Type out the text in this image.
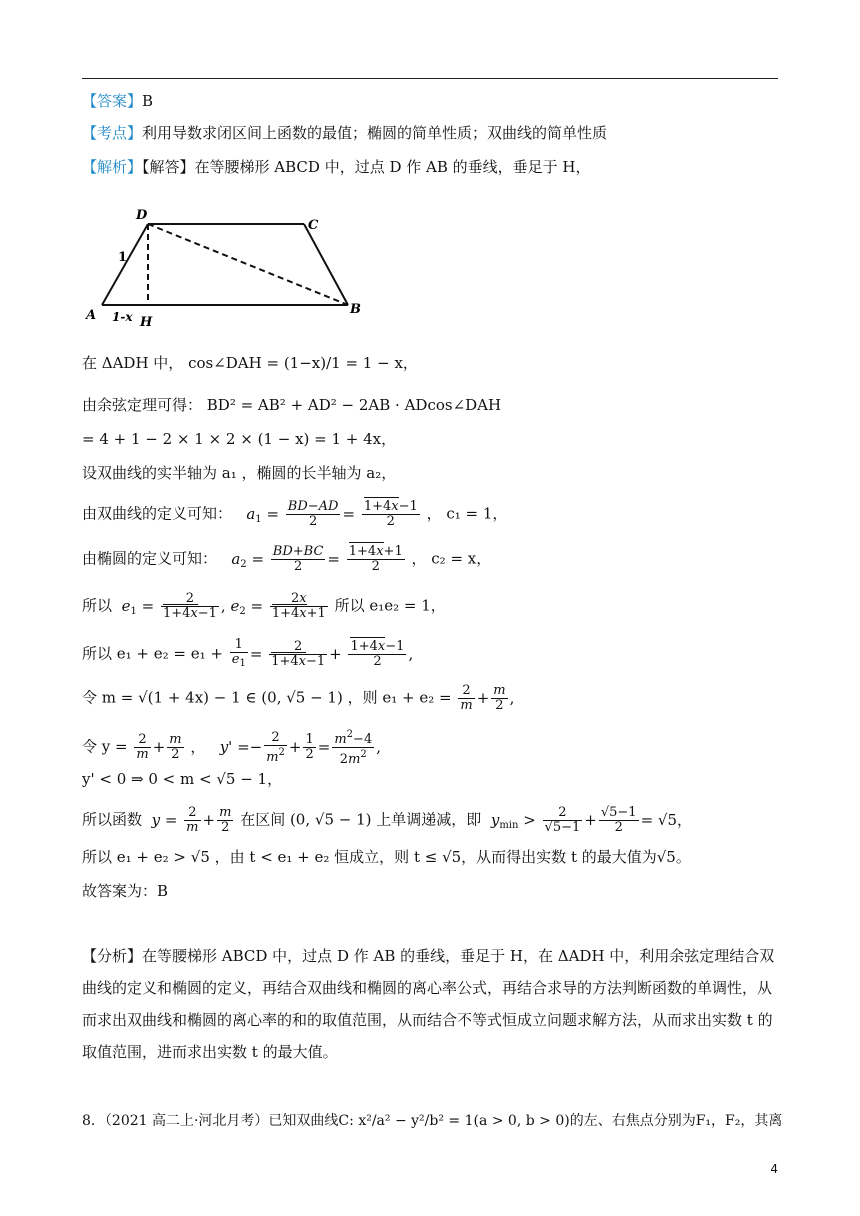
【答案】B
【考点】利用导数求闭区间上函数的最值；椭圆的简单性质；双曲线的简单性质
【解析】【解答】在等腰梯形 ABCD 中，过点 D 作 AB 的垂线，垂足于 H，
D
C
A	B
H
1
1-x
在 ΔADH 中， cos∠DAH = (1−x)/1 = 1 − x，
由余弦定理可得： BD² = AB² + AD² − 2AB · ADcos∠DAH
= 4 + 1 − 2 × 1 × 2 × (1 − x) = 1 + 4x，
设双曲线的实半轴为 a₁ ，椭圆的长半轴为 a₂，
由双曲线的定义可知： $a_1 = \frac{BD-AD}{2} = \frac{1+4x-1}{2}$ ， c₁ = 1，
由椭圆的定义可知： $a_2 = \frac{BD+BC}{2} = \frac{1+4x+1}{2}$ ， c₂ = x，
所以 $e_1 = \frac{2}{1+4x-1}$ , $e_2 = \frac{2x}{1+4x+1}$ 所以 e₁e₂ = 1，
所以 $e_1 + e_2 = e_1 + \frac{1}{e_1} = \frac{2}{1+4x-1} + \frac{1+4x-1}{2}$ ,
令 m = √(1 + 4x) − 1 ∈ (0, √5 − 1) ，则 $e_1 + e_2 = \frac{2}{m} + \frac{m}{2}$ ,
令 $y = \frac{2}{m} + \frac{m}{2}$ ，   $y' =- \frac{2}{m^2} + \frac{1}{2} = \frac{m^2-4}{2m^2}$ ,
y' < 0 ⇒ 0 < m < √5 − 1，
所以函数 $y = \frac{2}{m} + \frac{m}{2}$ 在区间 (0, √5 − 1) 上单调递减，即 $y_{min} > \frac{2}{√5-1} + \frac{√5-1}{2} = √5$，
所以 e₁ + e₂ > √5 ，由 t < e₁ + e₂ 恒成立，则 t ≤ √5，从而得出实数 t 的最大值为√5。
故答案为：B
【分析】在等腰梯形 ABCD 中，过点 D 作 AB 的垂线，垂足于 H，在 ΔADH 中，利用余弦定理结合双曲线的定义和椭圆的定义，再结合双曲线和椭圆的离心率公式，再结合求导的方法判断函数的单调性，从而求出双曲线和椭圆的离心率的和的取值范围，从而结合不等式恒成立问题求解方法，从而求出实数 t 的取值范围，进而求出实数 t 的最大值。
8．（2021 高二上·河北月考）已知双曲线C: x²/a² − y²/b² = 1(a > 0, b > 0)的左、右焦点分别为F₁，F₂，其离
4
